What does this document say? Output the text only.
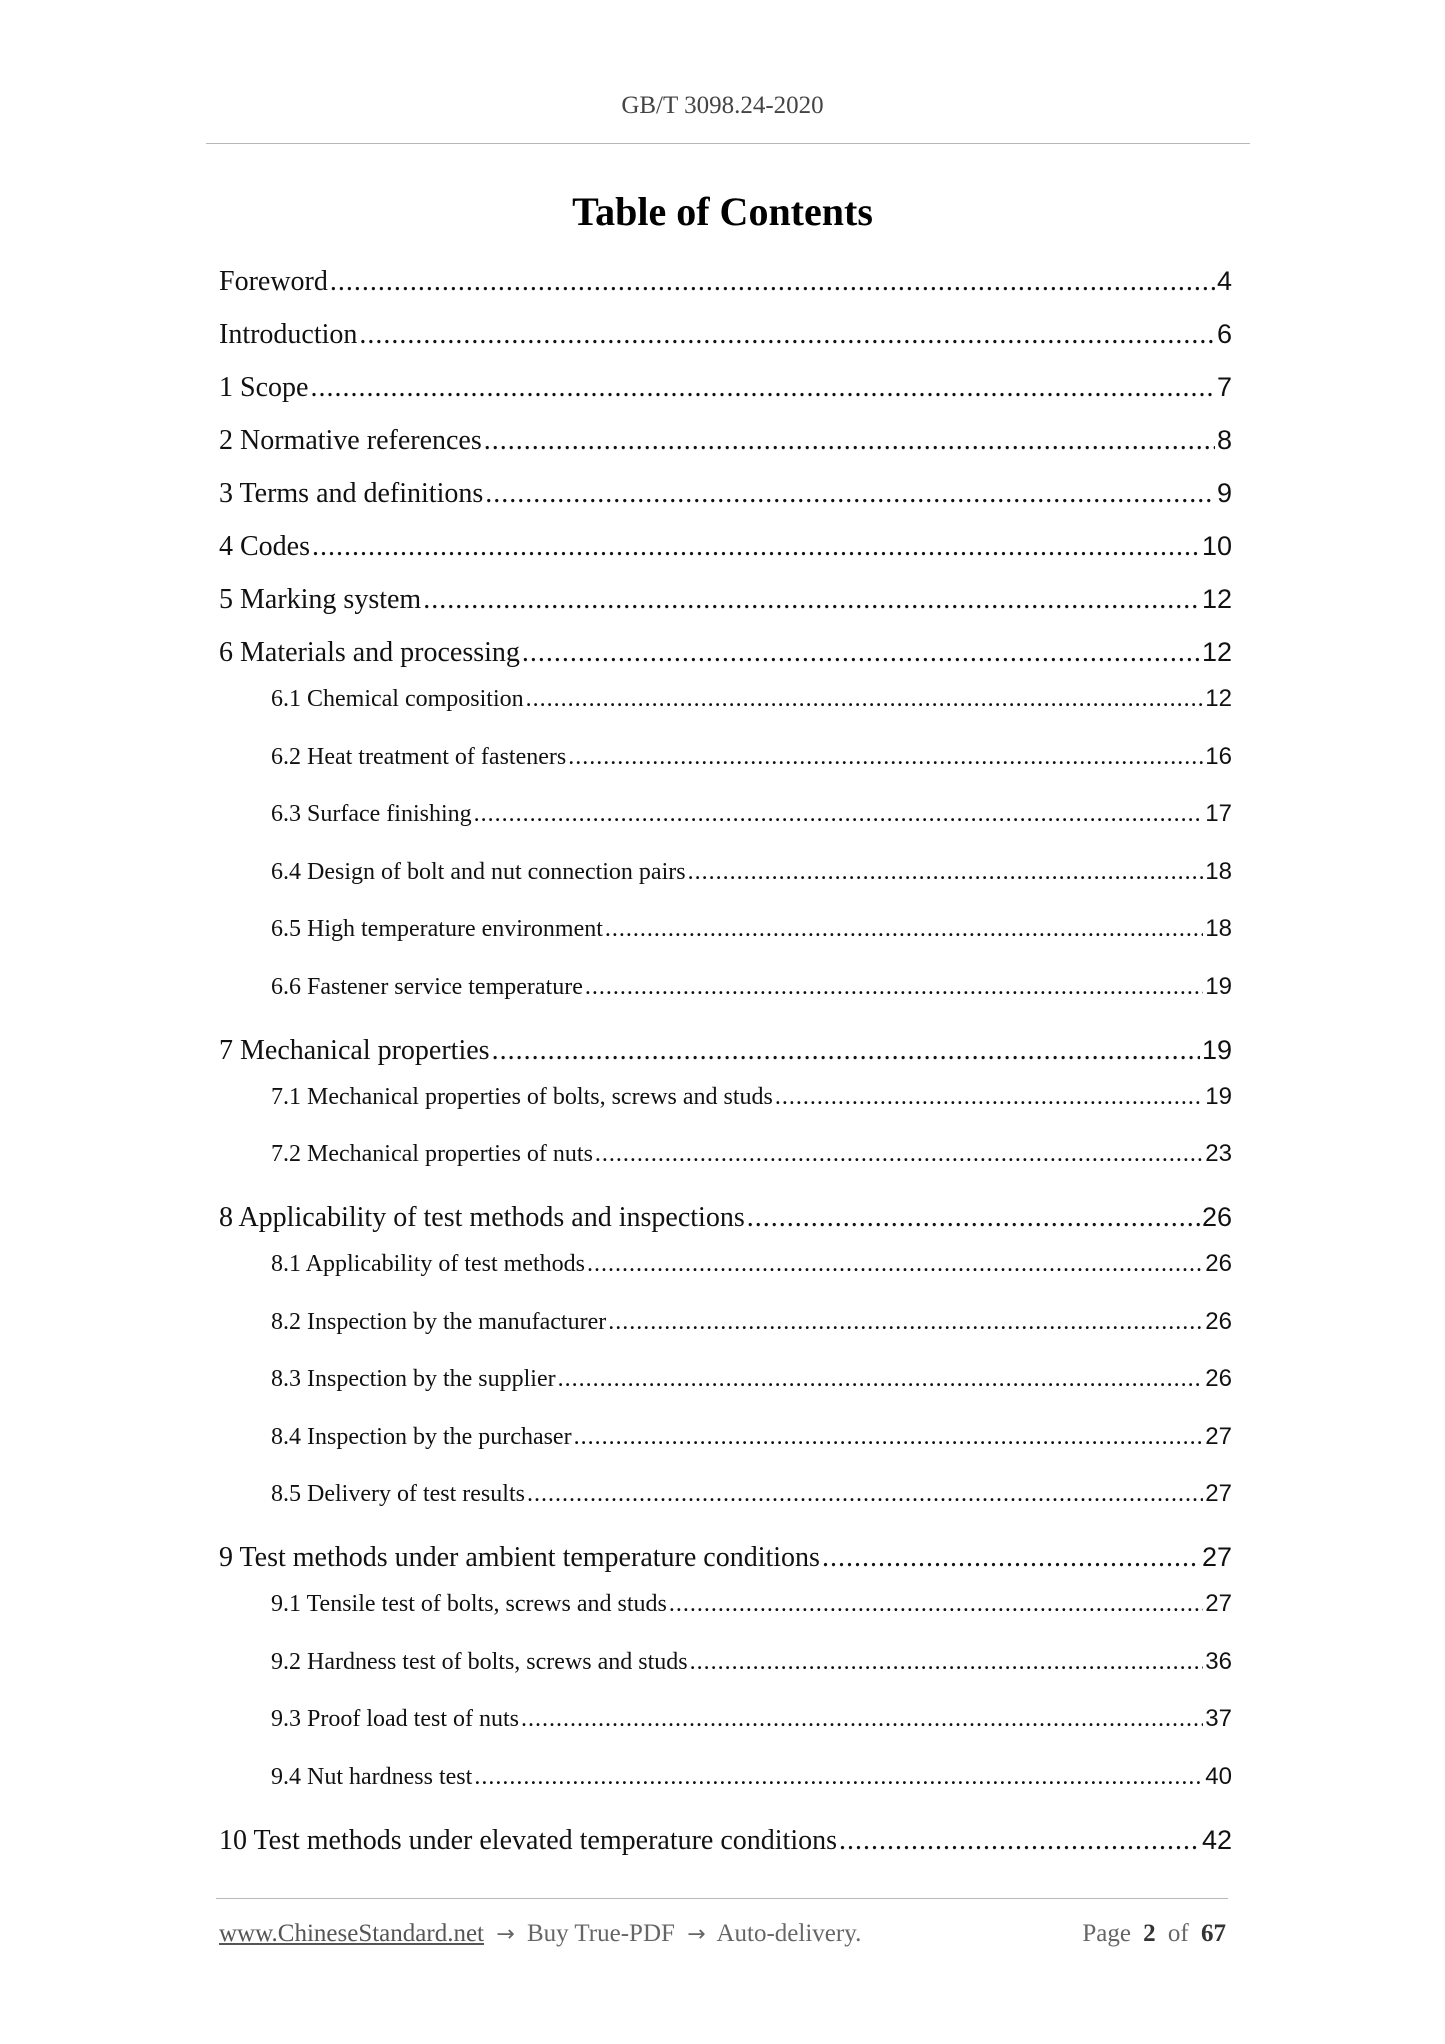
GB/T 3098.24-2020
Table of Contents
Foreword .....	4
Introduction .....	6
1 Scope .....	7
2 Normative references .....	8
3 Terms and definitions .....	9
4 Codes .....	10
5 Marking system .....	12
6 Materials and processing .....	12
6.1 Chemical composition .....	12
6.2 Heat treatment of fasteners .....	16
6.3 Surface finishing .....	17
6.4 Design of bolt and nut connection pairs .....	18
6.5 High temperature environment .....	18
6.6 Fastener service temperature .....	19
7 Mechanical properties .....	19
7.1 Mechanical properties of bolts, screws and studs .....	19
7.2 Mechanical properties of nuts .....	23
8 Applicability of test methods and inspections .....	26
8.1 Applicability of test methods .....	26
8.2 Inspection by the manufacturer .....	26
8.3 Inspection by the supplier .....	26
8.4 Inspection by the purchaser .....	27
8.5 Delivery of test results .....	27
9 Test methods under ambient temperature conditions .....	27
9.1 Tensile test of bolts, screws and studs .....	27
9.2 Hardness test of bolts, screws and studs .....	36
9.3 Proof load test of nuts .....	37
9.4 Nut hardness test .....	40
10 Test methods under elevated temperature conditions .....	42
www.ChineseStandard.net → Buy True-PDF → Auto-delivery.	Page 2 of 67
